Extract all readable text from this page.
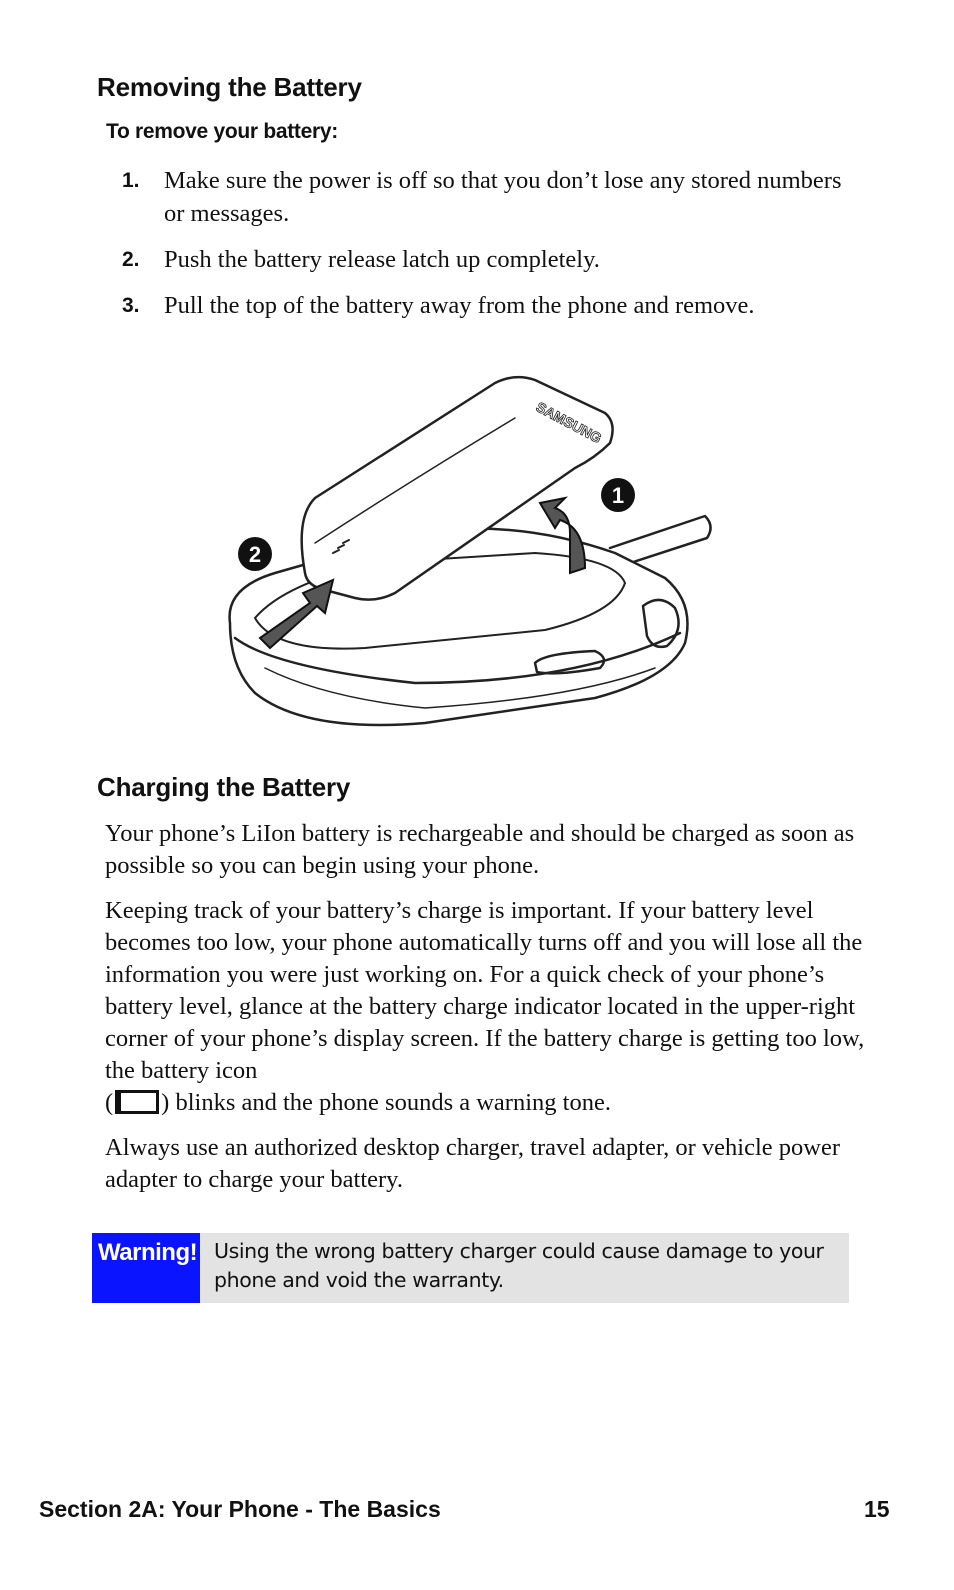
Removing the Battery

To remove your battery:

1. Make sure the power is off so that you don’t lose any stored numbers or messages.
2. Push the battery release latch up completely.
3. Pull the top of the battery away from the phone and remove.
SAMSUNG
1
2
Charging the Battery

Your phone’s LiIon battery is rechargeable and should be charged as soon as possible so you can begin using your phone.

Keeping track of your battery’s charge is important. If your battery level becomes too low, your phone automatically turns off and you will lose all the information you were just working on. For a quick check of your phone’s battery level, glance at the battery charge indicator located in the upper-right corner of your phone’s display screen. If the battery charge is getting too low, the battery icon
( ) blinks and the phone sounds a warning tone.

Always use an authorized desktop charger, travel adapter, or vehicle power adapter to charge your battery.

Warning! Using the wrong battery charger could cause damage to your phone and void the warranty.
Section 2A: Your Phone - The Basics	15
